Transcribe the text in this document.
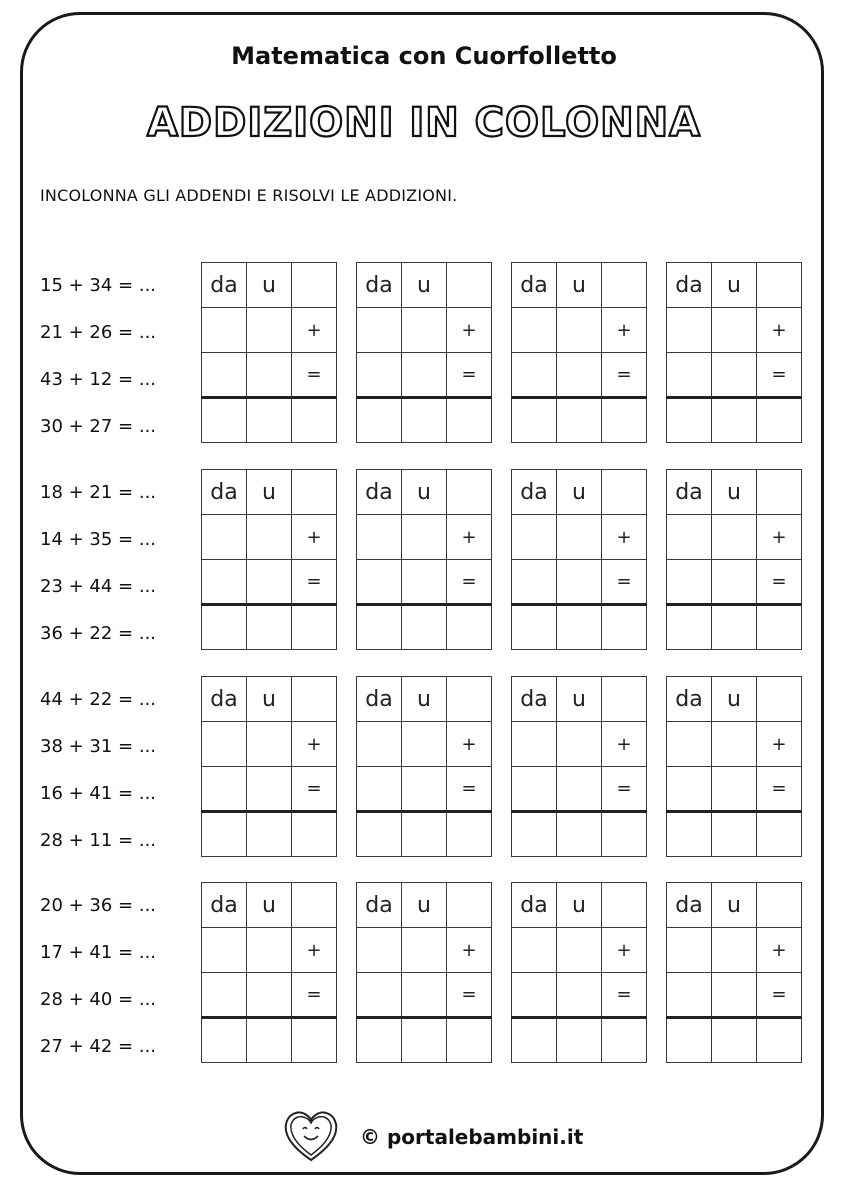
Matematica con Cuorfolletto
ADDIZIONI IN COLONNA
INCOLONNA GLI ADDENDI E RISOLVI LE ADDIZIONI.
15 + 34 = ...
21 + 26 = ...
43 + 12 = ...
30 + 27 = ...
da	u	
		+
		=

da	u	
		+
		=

da	u	
		+
		=

da	u	
		+
		=

18 + 21 = ...
14 + 35 = ...
23 + 44 = ...
36 + 22 = ...
da	u	
		+
		=

da	u	
		+
		=

da	u	
		+
		=

da	u	
		+
		=

44 + 22 = ...
38 + 31 = ...
16 + 41 = ...
28 + 11 = ...
da	u	
		+
		=

da	u	
		+
		=

da	u	
		+
		=

da	u	
		+
		=

20 + 36 = ...
17 + 41 = ...
28 + 40 = ...
27 + 42 = ...
da	u	
		+
		=

da	u	
		+
		=

da	u	
		+
		=

da	u	
		+
		=

© portalebambini.it
